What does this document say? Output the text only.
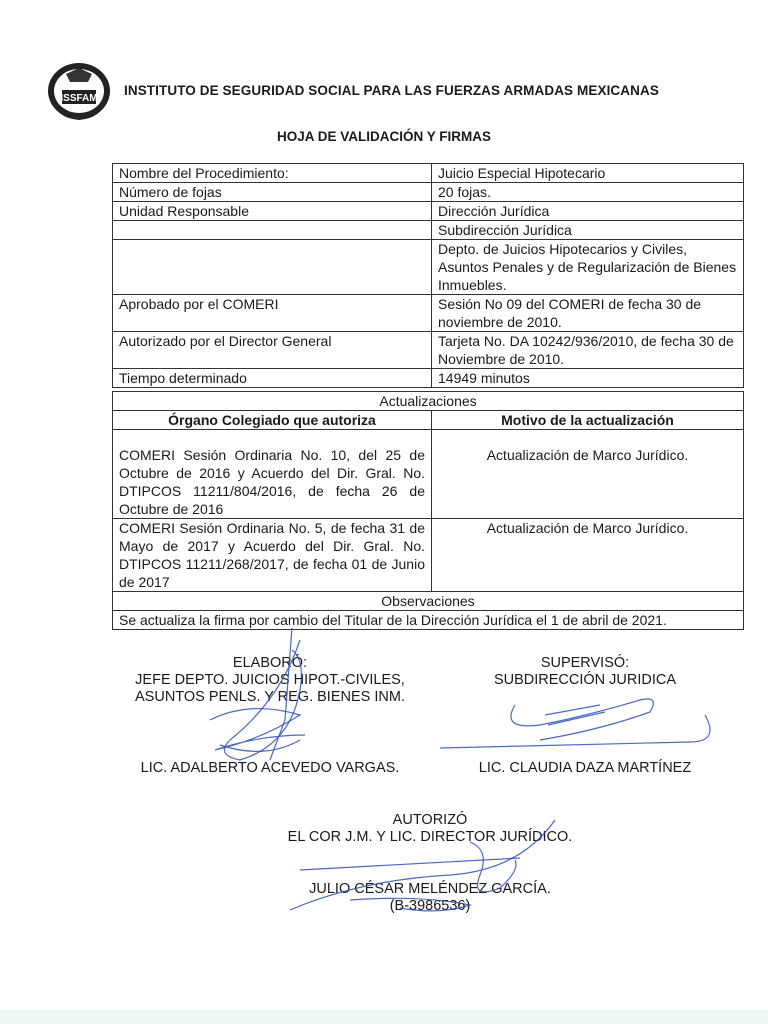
ISSFAM
INSTITUTO DE SEGURIDAD SOCIAL PARA LAS FUERZAS ARMADAS MEXICANAS
HOJA DE VALIDACIÓN Y FIRMAS
Nombre del Procedimiento:	Juicio Especial Hipotecario
Número de fojas	20 fojas.
Unidad Responsable	Dirección Jurídica
	Subdirección Jurídica
	Depto. de Juicios Hipotecarios y Civiles, Asuntos Penales y de Regularización de Bienes Inmuebles.
Aprobado por el COMERI	Sesión No 09 del COMERI de fecha 30 de noviembre de 2010.
Autorizado por el Director General	Tarjeta No. DA 10242/936/2010, de fecha 30 de Noviembre de 2010.
Tiempo determinado	14949 minutos
Actualizaciones	
Órgano Colegiado que autoriza	Motivo de la actualización
COMERI Sesión Ordinaria No. 10, del 25 de Octubre de 2016 y Acuerdo del Dir. Gral. No. DTIPCOS 11211/804/2016, de fecha 26 de Octubre de 2016	Actualización de Marco Jurídico.
COMERI Sesión Ordinaria No. 5, de fecha 31 de Mayo de 2017 y Acuerdo del Dir. Gral. No. DTIPCOS 11211/268/2017, de fecha 01 de Junio de 2017	Actualización de Marco Jurídico.
Observaciones	
Se actualiza la firma por cambio del Titular de la Dirección Jurídica el 1 de abril de 2021.	
ELABORÓ:
JEFE DEPTO. JUICIOS HIPOT.-CIVILES,
ASUNTOS PENLS. Y REG. BIENES INM.
LIC. ADALBERTO ACEVEDO VARGAS.
SUPERVISÓ:
SUBDIRECCIÓN JURIDICA
LIC. CLAUDIA DAZA MARTÍNEZ
AUTORIZÓ
EL COR J.M. Y LIC. DIRECTOR JURÍDICO.
JULIO CÉSAR MELÉNDEZ GARCÍA.
(B-3986536)
